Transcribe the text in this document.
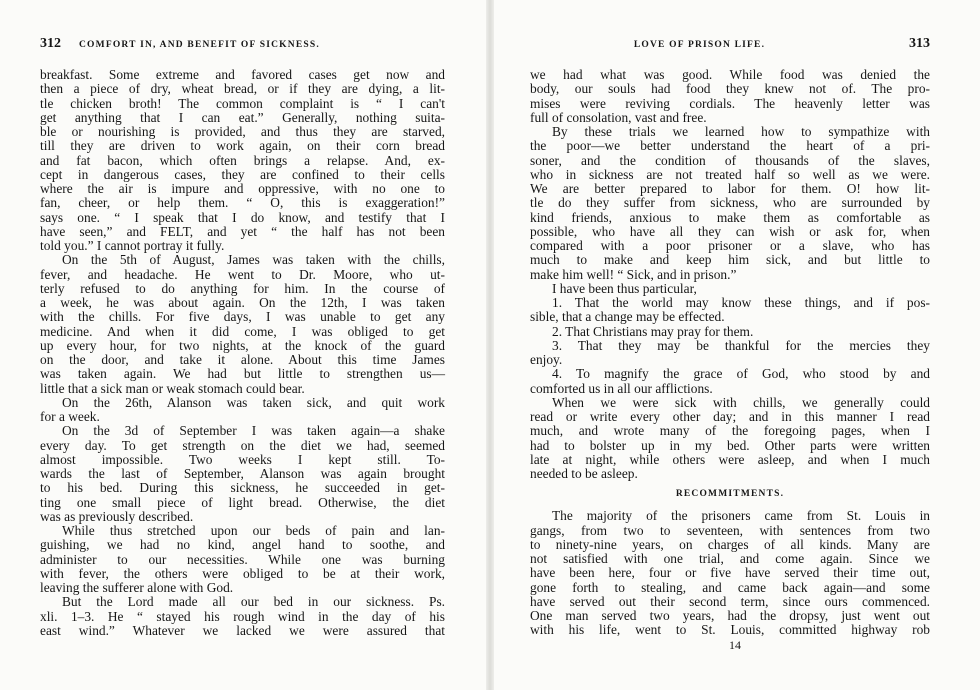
312 COMFORT IN, AND BENEFIT OF SICKNESS.
breakfast. Some extreme and favored cases get now and
then a piece of dry, wheat bread, or if they are dying, a lit-
tle chicken broth! The common complaint is “ I can't
get anything that I can eat.” Generally, nothing suita-
ble or nourishing is provided, and thus they are starved,
till they are driven to work again, on their corn bread
and fat bacon, which often brings a relapse. And, ex-
cept in dangerous cases, they are confined to their cells
where the air is impure and oppressive, with no one to
fan, cheer, or help them. “ O, this is exaggeration!”
says one. “ I speak that I do know, and testify that I
have seen,” and FELT, and yet “ the half has not been
told you.” I cannot portray it fully.
On the 5th of August, James was taken with the chills,
fever, and headache. He went to Dr. Moore, who ut-
terly refused to do anything for him. In the course of
a week, he was about again. On the 12th, I was taken
with the chills. For five days, I was unable to get any
medicine. And when it did come, I was obliged to get
up every hour, for two nights, at the knock of the guard
on the door, and take it alone. About this time James
was taken again. We had but little to strengthen us—
little that a sick man or weak stomach could bear.
On the 26th, Alanson was taken sick, and quit work
for a week.
On the 3d of September I was taken again—a shake
every day. To get strength on the diet we had, seemed
almost impossible. Two weeks I kept still. To-
wards the last of September, Alanson was again brought
to his bed. During this sickness, he succeeded in get-
ting one small piece of light bread. Otherwise, the diet
was as previously described.
While thus stretched upon our beds of pain and lan-
guishing, we had no kind, angel hand to soothe, and
administer to our necessities. While one was burning
with fever, the others were obliged to be at their work,
leaving the sufferer alone with God.
But the Lord made all our bed in our sickness. Ps.
xli. 1–3. He “ stayed his rough wind in the day of his
east wind.” Whatever we lacked we were assured that
LOVE OF PRISON LIFE.	313
we had what was good. While food was denied the
body, our souls had food they knew not of. The pro-
mises were reviving cordials. The heavenly letter was
full of consolation, vast and free.
By these trials we learned how to sympathize with
the poor—we better understand the heart of a pri-
soner, and the condition of thousands of the slaves,
who in sickness are not treated half so well as we were.
We are better prepared to labor for them. O! how lit-
tle do they suffer from sickness, who are surrounded by
kind friends, anxious to make them as comfortable as
possible, who have all they can wish or ask for, when
compared with a poor prisoner or a slave, who has
much to make and keep him sick, and but little to
make him well! “ Sick, and in prison.”
I have been thus particular,
1. That the world may know these things, and if pos-
sible, that a change may be effected.
2. That Christians may pray for them.
3. That they may be thankful for the mercies they
enjoy.
4. To magnify the grace of God, who stood by and
comforted us in all our afflictions.
When we were sick with chills, we generally could
read or write every other day; and in this manner I read
much, and wrote many of the foregoing pages, when I
had to bolster up in my bed. Other parts were written
late at night, while others were asleep, and when I much
needed to be asleep.
RECOMMITMENTS.
The majority of the prisoners came from St. Louis in
gangs, from two to seventeen, with sentences from two
to ninety-nine years, on charges of all kinds. Many are
not satisfied with one trial, and come again. Since we
have been here, four or five have served their time out,
gone forth to stealing, and came back again—and some
have served out their second term, since ours commenced.
One man served two years, had the dropsy, just went out
with his life, went to St. Louis, committed highway rob
14
